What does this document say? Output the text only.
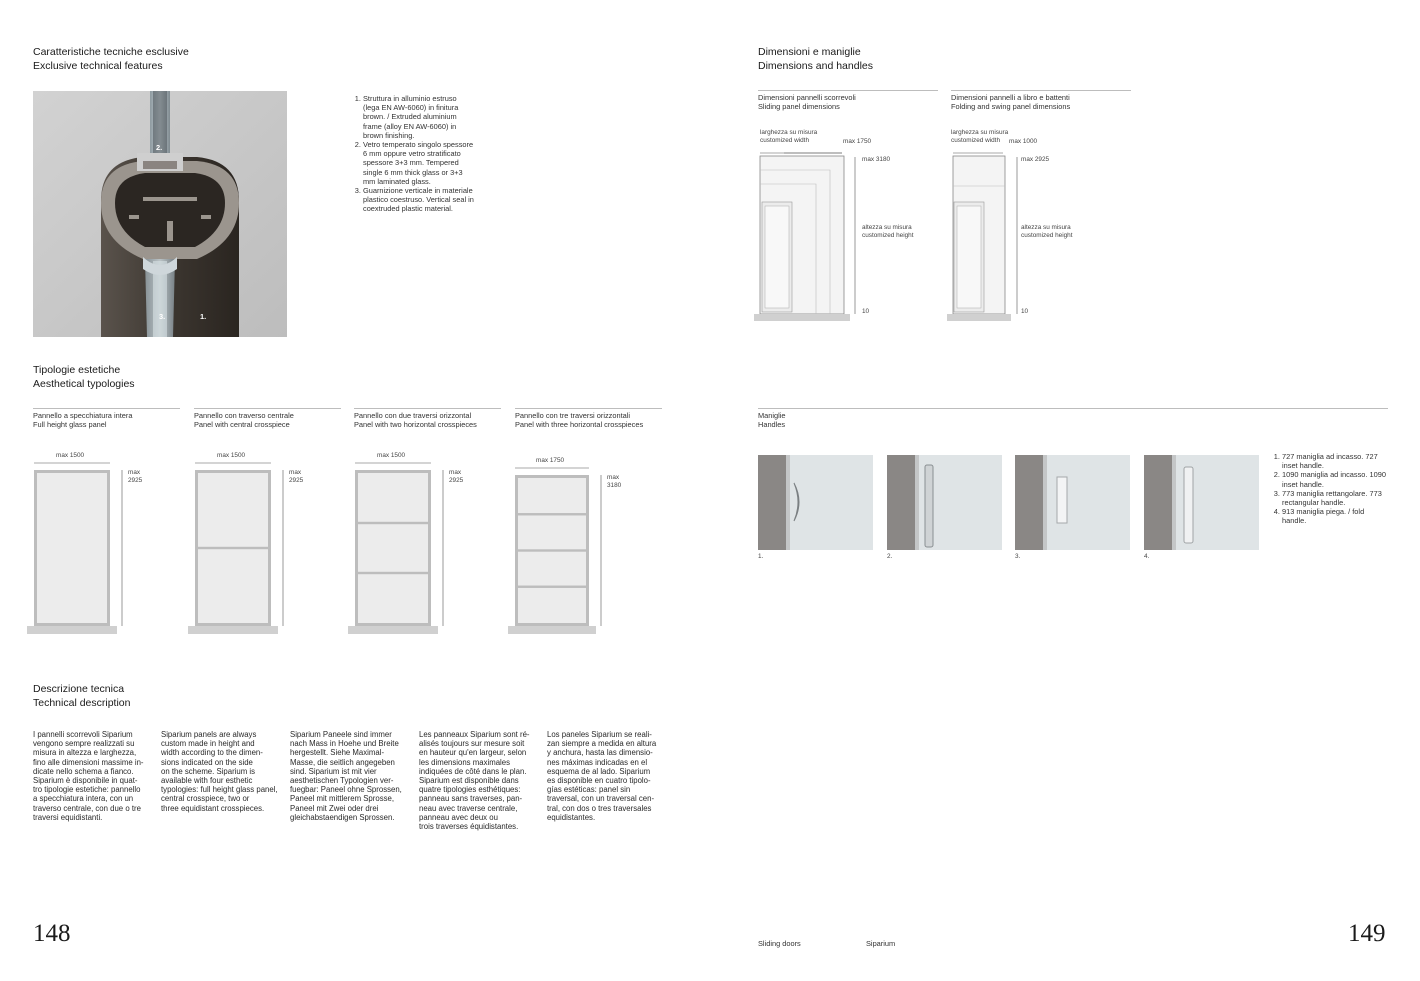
Caratteristiche tecniche esclusive
Exclusive technical features
2.
3.	1.
1. Struttura in alluminio estruso (lega EN AW-6060) in finitura brown. / Extruded aluminium frame (alloy EN AW-6060) in brown finishing.
2. Vetro temperato singolo spessore 6 mm oppure vetro stratificato spessore 3+3 mm. Tempered single 6 mm thick glass or 3+3 mm laminated glass.
3. Guarnizione verticale in materiale plastico coestruso. Vertical seal in coextruded plastic material.
Tipologie estetiche
Aesthetical typologies
Pannello a specchiatura intera
Full height glass panel
Pannello con traverso centrale
Panel with central crosspiece
Pannello con due traversi orizzontal
Panel with two horizontal crosspieces
Pannello con tre traversi orizzontali
Panel with three horizontal crosspieces
max 1500
max
2925
max 1500
max
2925
max 1500
max
2925
max 1750
max
3180
Descrizione tecnica
Technical description
I pannelli scorrevoli Siparium
vengono sempre realizzati su
misura in altezza e larghezza,
fino alle dimensioni massime in-
dicate nello schema a fianco.
Siparium è disponibile in quat-
tro tipologie estetiche: pannello
a specchiatura intera, con un
traverso centrale, con due o tre
traversi equidistanti.
Siparium panels are always
custom made in height and
width according to the dimen-
sions indicated on the side
on the scheme. Siparium is
available with four esthetic
typologies: full height glass panel,
central crosspiece, two or
three equidistant crosspieces.
Siparium Paneele sind immer
nach Mass in Hoehe und Breite
hergestellt. Siehe Maximal-
Masse, die seitlich angegeben
sind. Siparium ist mit vier
aesthetischen Typologien ver-
fuegbar: Paneel ohne Sprossen,
Paneel mit mittlerem Sprosse,
Paneel mit Zwei oder drei
gleichabstaendigen Sprossen.
Les panneaux Siparium sont ré-
alisés toujours sur mesure soit
en hauteur qu'en largeur, selon
les dimensions maximales
indiquées de côté dans le plan.
Siparium est disponible dans
quatre tipologies esthétiques:
panneau sans traverses, pan-
neau avec traverse centrale,
panneau avec deux ou
trois traverses équidistantes.
Los paneles Siparium se reali-
zan siempre a medida en altura
y anchura, hasta las dimensio-
nes máximas indicadas en el
esquema de al lado. Siparium
es disponible en cuatro tipolo-
gías estéticas: panel sin
traversal, con un traversal cen-
tral, con dos o tres traversales
equidistantes.
148
Dimensioni e maniglie
Dimensions and handles
Dimensioni pannelli scorrevoli
Sliding panel dimensions
Dimensioni pannelli a libro e battenti
Folding and swing panel dimensions
larghezza su misura
customized width	max 1750
max 3180
altezza su misura
customized height
10
larghezza su misura
customized width	max 1000
max 2925
altezza su misura
customized height
10
Maniglie
Handles
1.	2.	3.	4.
1. 727 maniglia ad incasso. 727 inset handle.
2. 1090 maniglia ad incasso. 1090 inset handle.
3. 773 maniglia rettangolare. 773 rectangular handle.
4. 913 maniglia piega. / fold handle.
Sliding doors	Siparium	149
